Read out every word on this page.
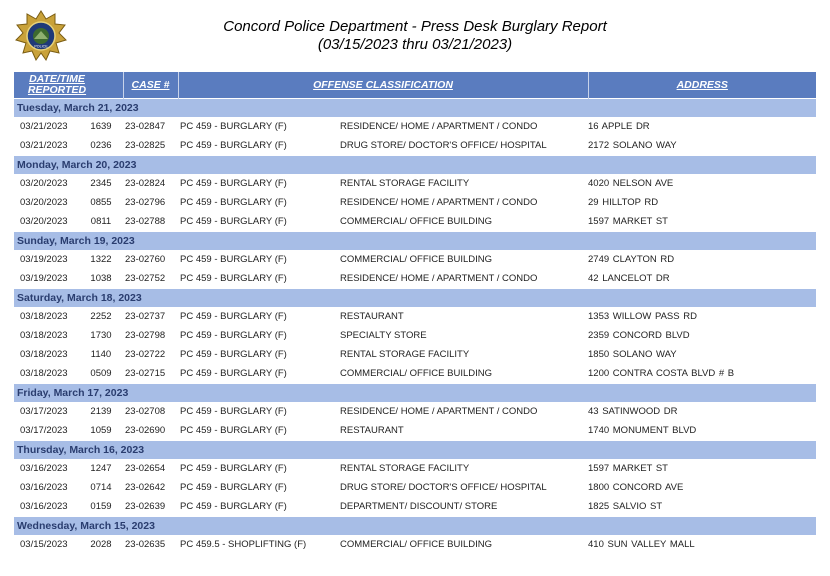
POLICE
Concord Police Department - Press Desk Burglary Report
(03/15/2023 thru 03/21/2023)
DATE/TIME
REPORTED		CASE #	OFFENSE CLASSIFICATION		ADDRESS
Tuesday, March 21, 2023					
03/21/2023	1639	23-02847	PC 459 - BURGLARY (F)	RESIDENCE/ HOME / APARTMENT / CONDO	16 APPLE DR
03/21/2023	0236	23-02825	PC 459 - BURGLARY (F)	DRUG STORE/ DOCTOR'S OFFICE/ HOSPITAL	2172 SOLANO WAY
Monday, March 20, 2023					
03/20/2023	2345	23-02824	PC 459 - BURGLARY (F)	RENTAL STORAGE FACILITY	4020 NELSON AVE
03/20/2023	0855	23-02796	PC 459 - BURGLARY (F)	RESIDENCE/ HOME / APARTMENT / CONDO	29 HILLTOP RD
03/20/2023	0811	23-02788	PC 459 - BURGLARY (F)	COMMERCIAL/ OFFICE BUILDING	1597 MARKET ST
Sunday, March 19, 2023					
03/19/2023	1322	23-02760	PC 459 - BURGLARY (F)	COMMERCIAL/ OFFICE BUILDING	2749 CLAYTON RD
03/19/2023	1038	23-02752	PC 459 - BURGLARY (F)	RESIDENCE/ HOME / APARTMENT / CONDO	42 LANCELOT DR
Saturday, March 18, 2023					
03/18/2023	2252	23-02737	PC 459 - BURGLARY (F)	RESTAURANT	1353 WILLOW PASS RD
03/18/2023	1730	23-02798	PC 459 - BURGLARY (F)	SPECIALTY STORE	2359 CONCORD BLVD
03/18/2023	1140	23-02722	PC 459 - BURGLARY (F)	RENTAL STORAGE FACILITY	1850 SOLANO WAY
03/18/2023	0509	23-02715	PC 459 - BURGLARY (F)	COMMERCIAL/ OFFICE BUILDING	1200 CONTRA COSTA BLVD # B
Friday, March 17, 2023					
03/17/2023	2139	23-02708	PC 459 - BURGLARY (F)	RESIDENCE/ HOME / APARTMENT / CONDO	43 SATINWOOD DR
03/17/2023	1059	23-02690	PC 459 - BURGLARY (F)	RESTAURANT	1740 MONUMENT BLVD
Thursday, March 16, 2023					
03/16/2023	1247	23-02654	PC 459 - BURGLARY (F)	RENTAL STORAGE FACILITY	1597 MARKET ST
03/16/2023	0714	23-02642	PC 459 - BURGLARY (F)	DRUG STORE/ DOCTOR'S OFFICE/ HOSPITAL	1800 CONCORD AVE
03/16/2023	0159	23-02639	PC 459 - BURGLARY (F)	DEPARTMENT/ DISCOUNT/ STORE	1825 SALVIO ST
Wednesday, March 15, 2023					
03/15/2023	2028	23-02635	PC 459.5 - SHOPLIFTING (F)	COMMERCIAL/ OFFICE BUILDING	410 SUN VALLEY MALL
